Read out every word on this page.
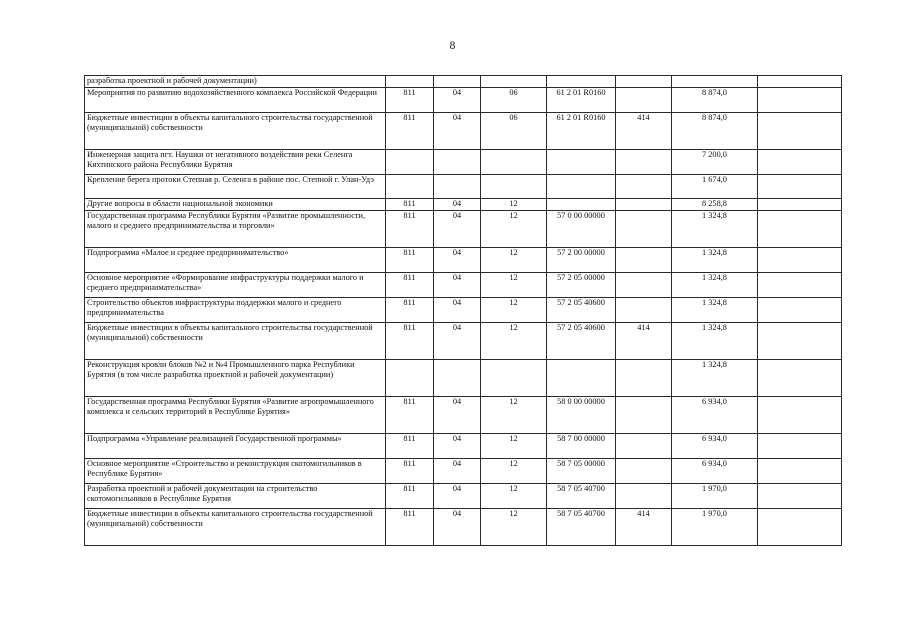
8
разработка проектной и рабочей документации)							
Мероприятия по развитию водохозяйственного комплекса Российской Федерации	811	04	06	61 2 01 R0160		8 874,0	
Бюджетные инвестиции в объекты капитального строительства государственной (муниципальной) собственности	811	04	06	61 2 01 R0160	414	8 874,0	
Инженерная защита пгт. Наушки от негативного воздействия реки Селенга Кяхтинского района Республики Бурятия						7 200,0	
Крепление берега протоки Степная р. Селенга в районе пос. Степной г. Улан-Удэ						1 674,0	
Другие вопросы в области национальной экономики	811	04	12			8 258,8	
Государственная программа Республики Бурятия «Развитие промышленности, малого и среднего предпринимательства и торговли»	811	04	12	57 0 00 00000		1 324,8	
Подпрограмма «Малое и среднее предпринимательство»	811	04	12	57 2 00 00000		1 324,8	
Основное мероприятие «Формирование инфраструктуры поддержки малого и среднего предпринимательства»	811	04	12	57 2 05 00000		1 324,8	
Строительство объектов инфраструктуры поддержки малого и среднего предпринимательства	811	04	12	57 2 05 40600		1 324,8	
Бюджетные инвестиции в объекты капитального строительства государственной (муниципальной) собственности	811	04	12	57 2 05 40600	414	1 324,8	
Реконструкция кровли блоков №2 и №4 Промышленного парка Республики Бурятия (в том числе разработка проектной и рабочей документации)						1 324,8	
Государственная программа Республики Бурятия «Развитие агропромышленного комплекса и сельских территорий в Республике Бурятия»	811	04	12	58 0 00 00000		6 934,0	
Подпрограмма «Управление реализацией Государственной программы»	811	04	12	58 7 00 00000		6 934,0	
Основное мероприятие «Строительство и реконструкция скотомогильников в Республике Бурятия»	811	04	12	58 7 05 00000		6 934,0	
Разработка проектной и рабочей документации на строительство скотомогильников в Республике Бурятия	811	04	12	58 7 05 40700		1 970,0	
Бюджетные инвестиции в объекты капитального строительства государственной (муниципальной) собственности	811	04	12	58 7 05 40700	414	1 970,0	
